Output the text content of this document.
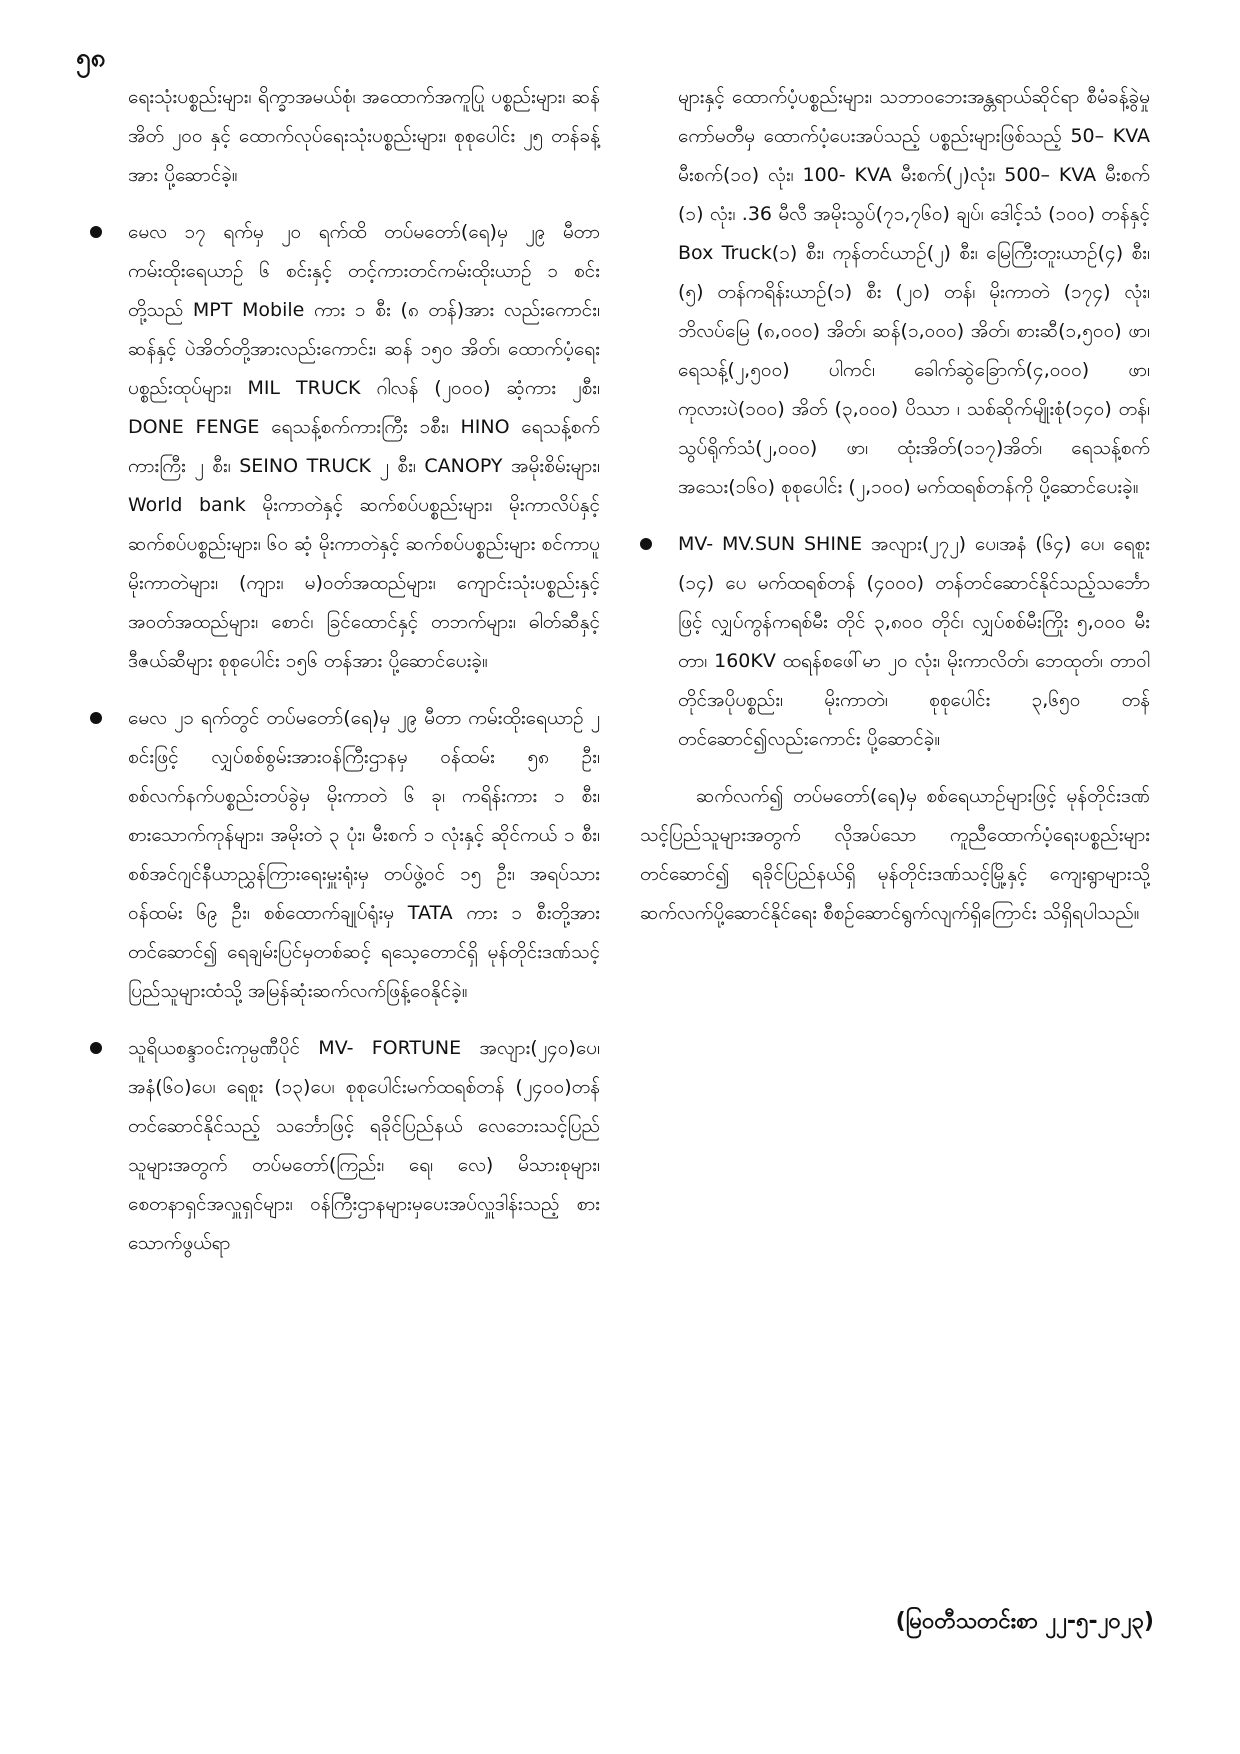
၅၈

ရေးသုံးပစ္စည်းများ၊ ရိက္ခာအမယ်စုံ၊ အထောက်အကူပြု ပစ္စည်းများ၊ ဆန်အိတ် ၂၀၀ နှင့် ထောက်လုပ်ရေးသုံးပစ္စည်းများ၊ စုစုပေါင်း ၂၅ တန်ခန့်အား ပို့ဆောင်ခဲ့။

မေလ ၁၇ ရက်မှ ၂၀ ရက်ထိ တပ်မတော်(ရေ)မှ ၂၉ မီတာ ကမ်းထိုးရေယာဉ် ၆ စင်းနှင့် တင့်ကားတင်ကမ်းထိုးယာဉ် ၁ စင်းတို့သည် MPT Mobile ကား ၁ စီး (၈ တန်)အား လည်းကောင်း၊ ဆန်နှင့် ပဲအိတ်တို့အားလည်းကောင်း၊ ဆန် ၁၅၀ အိတ်၊ ထောက်ပံ့ရေးပစ္စည်းထုပ်များ၊ MIL TRUCK ဂါလန် (၂၀၀၀) ဆံ့ကား ၂စီး၊ DONE FENGE ရေသန့်စက်ကားကြီး ၁စီး၊ HINO ရေသန့်စက်ကားကြီး ၂ စီး၊ SEINO TRUCK ၂ စီး၊ CANOPY အမိုးစိမ်းများ၊ World bank မိုးကာတဲနှင့် ဆက်စပ်ပစ္စည်းများ၊ မိုးကာလိပ်နှင့် ဆက်စပ်ပစ္စည်းများ၊ ၆၀ ဆံ့ မိုးကာတဲနှင့် ဆက်စပ်ပစ္စည်းများ စင်ကာပူမိုးကာတဲများ၊ (ကျား၊ မ)ဝတ်အထည်များ၊ ကျောင်းသုံးပစ္စည်းနှင့် အဝတ်အထည်များ၊ စောင်၊ ခြင်ထောင်နှင့် တဘက်များ၊ ဓါတ်ဆီနှင့် ဒီဇယ်ဆီများ စုစုပေါင်း ၁၅၆ တန်အား ပို့ဆောင်ပေးခဲ့။

မေလ ၂၁ ရက်တွင် တပ်မတော်(ရေ)မှ ၂၉ မီတာ ကမ်းထိုးရေယာဉ် ၂ စင်းဖြင့် လျှပ်စစ်စွမ်းအားဝန်ကြီးဌာနမှ ဝန်ထမ်း ၅၈ ဦး၊ စစ်လက်နက်ပစ္စည်းတပ်ခွဲမှ မိုးကာတဲ ၆ ခု၊ ကရိန်းကား ၁ စီး၊ စားသောက်ကုန်များ၊ အမိုးတဲ ၃ ပုံး၊ မီးစက် ၁ လုံးနှင့် ဆိုင်ကယ် ၁ စီး၊ စစ်အင်ဂျင်နီယာညွှန်ကြားရေးမှူးရုံးမှ တပ်ဖွဲ့ဝင် ၁၅ ဦး၊ အရပ်သားဝန်ထမ်း ၆၉ ဦး၊ စစ်ထောက်ချုပ်ရုံးမှ TATA ကား ၁ စီးတို့အား တင်ဆောင်၍ ရေချမ်းပြင်မှတစ်ဆင့် ရသေ့တောင်ရှိ မုန်တိုင်းဒဏ်သင့်ပြည်သူများထံသို့ အမြန်ဆုံးဆက်လက်ဖြန့်ဝေနိုင်ခဲ့။

သူရိယစန္ဒာဝင်းကုမ္ပဏီပိုင် MV- FORTUNE အလျား(၂၄၀)ပေ၊ အနံ(၆၀)ပေ၊ ရေစူး (၁၃)ပေ၊ စုစုပေါင်းမက်ထရစ်တန် (၂၄၀၀)တန်တင်ဆောင်နိုင်သည့် သင်္ဘောဖြင့် ရခိုင်ပြည်နယ် လေဘေးသင့်ပြည်သူများအတွက် တပ်မတော်(ကြည်း၊ ရေ၊ လေ) မိသားစုများ၊ စေတနာရှင်အလှူရှင်များ၊ ဝန်ကြီးဌာနများမှပေးအပ်လှူဒါန်းသည့် စားသောက်ဖွယ်ရာ

များနှင့် ထောက်ပံ့ပစ္စည်းများ၊ သဘာဝဘေးအန္တရာယ်ဆိုင်ရာ စီမံခန့်ခွဲမှုကော်မတီမှ ထောက်ပံ့ပေးအပ်သည့် ပစ္စည်းများဖြစ်သည့် 50– KVA မီးစက်(၁၀) လုံး၊ 100- KVA မီးစက်(၂)လုံး၊ 500– KVA မီးစက် (၁) လုံး၊ .36 မီလီ အမိုးသွပ်(၇၁,၇၆၀) ချပ်၊ ဒေါင့်သံ (၁၀၀) တန်နှင့် Box Truck(၁) စီး၊ ကုန်တင်ယာဉ်(၂) စီး၊ မြေကြီးတူးယာဉ်(၄) စီး၊ (၅) တန်ကရိန်းယာဉ်(၁) စီး (၂၀) တန်၊ မိုးကာတဲ (၁၇၄) လုံး၊ ဘိလပ်မြေ (၈,၀၀၀) အိတ်၊ ဆန်(၁,၀၀၀) အိတ်၊ စားဆီ(၁,၅၀၀) ဖာ၊ ရေသန့်(၂,၅၀၀) ပါကင်၊ ခေါက်ဆွဲခြောက်(၄,၀၀၀) ဖာ၊ ကုလားပဲ(၁၀၀) အိတ် (၃,၀၀၀) ပိဿာ ၊ သစ်ဆိုက်မျိုးစုံ(၁၄၀) တန်၊ သွပ်ရိုက်သံ(၂,၀၀၀) ဖာ၊ ထုံးအိတ်(၁၁၇)အိတ်၊ ရေသန့်စက်အသေး(၁၆၀) စုစုပေါင်း (၂,၁၀၀) မက်ထရစ်တန်ကို ပို့ဆောင်ပေးခဲ့။

MV- MV.SUN SHINE အလျား(၂၇၂) ပေ၊အနံ (၆၄) ပေ၊ ရေစူး (၁၄) ပေ မက်ထရစ်တန် (၄၀၀၀) တန်တင်ဆောင်နိုင်သည့်သင်္ဘောဖြင့် လျှပ်ကွန်ကရစ်မီး တိုင် ၃,၈၀၀ တိုင်၊ လျှပ်စစ်မီးကြိုး ၅,၀၀၀ မီးတာ၊ 160KV ထရန်စဖေါ်မာ ၂၀ လုံး၊ မိုးကာလိတ်၊ ဘေထုတ်၊ တာဝါတိုင်အပိုပစ္စည်း၊ မိုးကာတဲ၊ စုစုပေါင်း ၃,၆၅၀ တန်တင်ဆောင်၍လည်းကောင်း ပို့ဆောင်ခဲ့။

ဆက်လက်၍ တပ်မတော်(ရေ)မှ စစ်ရေယာဉ်များဖြင့် မုန်တိုင်းဒဏ်သင့်ပြည်သူများအတွက် လိုအပ်သော ကူညီထောက်ပံ့ရေးပစ္စည်းများတင်ဆောင်၍ ရခိုင်ပြည်နယ်ရှိ မုန်တိုင်းဒဏ်သင့်မြို့နှင့် ကျေးရွာများသို့ ဆက်လက်ပို့ဆောင်နိုင်ရေး စီစဉ်ဆောင်ရွက်လျက်ရှိကြောင်း သိရှိရပါသည်။

(မြဝတီသတင်းစာ ၂၂-၅-၂၀၂၃)
